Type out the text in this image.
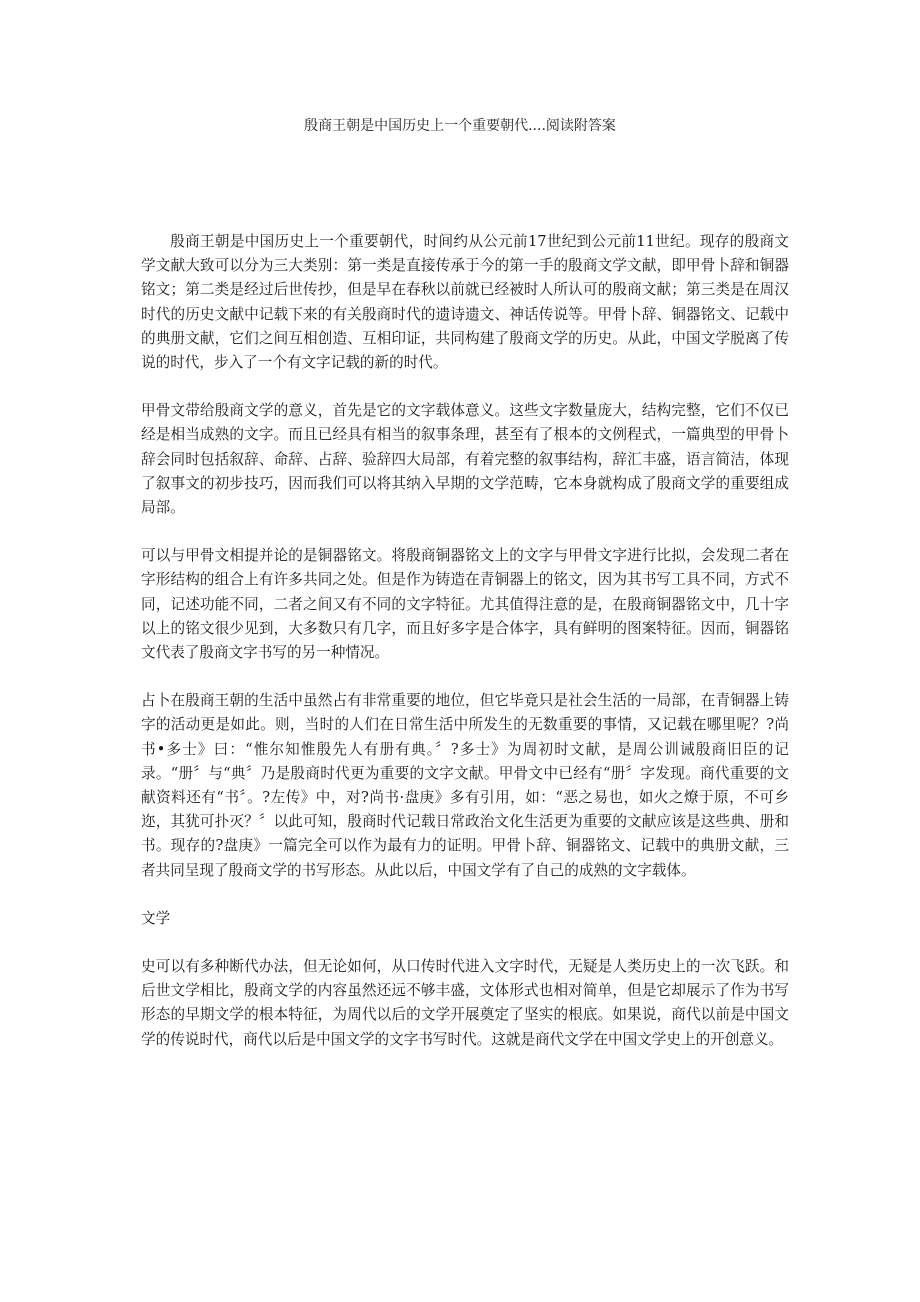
殷商王朝是中国历史上一个重要朝代....阅读附答案

殷商王朝是中国历史上一个重要朝代，时间约从公元前17世纪到公元前11世纪。现存的殷商文学文献大致可以分为三大类别：第一类是直接传承于今的第一手的殷商文学文献，即甲骨卜辞和铜器铭文；第二类是经过后世传抄，但是早在春秋以前就已经被时人所认可的殷商文献；第三类是在周汉时代的历史文献中记载下来的有关殷商时代的遗诗遗文、神话传说等。甲骨卜辞、铜器铭文、记载中的典册文献，它们之间互相创造、互相印证，共同构建了殷商文学的历史。从此，中国文学脱离了传说的时代，步入了一个有文字记载的新的时代。

甲骨文带给殷商文学的意义，首先是它的文字载体意义。这些文字数量庞大，结构完整，它们不仅已经是相当成熟的文字。而且已经具有相当的叙事条理，甚至有了根本的文例程式，一篇典型的甲骨卜辞会同时包括叙辞、命辞、占辞、验辞四大局部，有着完整的叙事结构，辞汇丰盛，语言简洁，体现了叙事文的初步技巧，因而我们可以将其纳入早期的文学范畴，它本身就构成了殷商文学的重要组成局部。

可以与甲骨文相提并论的是铜器铭文。将殷商铜器铭文上的文字与甲骨文字进行比拟，会发现二者在字形结构的组合上有许多共同之处。但是作为铸造在青铜器上的铭文，因为其书写工具不同，方式不同，记述功能不同，二者之间又有不同的文字特征。尤其值得注意的是，在殷商铜器铭文中，几十字以上的铭文很少见到，大多数只有几字，而且好多字是合体字，具有鲜明的图案特征。因而，铜器铭文代表了殷商文字书写的另一种情况。

占卜在殷商王朝的生活中虽然占有非常重要的地位，但它毕竟只是社会生活的一局部，在青铜器上铸字的活动更是如此。则，当时的人们在日常生活中所发生的无数重要的事情，又记载在哪里呢？?尚书•多士》曰：“惟尔知惟殷先人有册有典。〞?多士》为周初时文献，是周公训诫殷商旧臣的记录。“册〞与“典〞乃是殷商时代更为重要的文字文献。甲骨文中已经有“册〞字发现。商代重要的文献资料还有“书〞。?左传》中，对?尚书·盘庚》多有引用，如：“恶之易也，如火之燎于原，不可乡迩，其犹可扑灭？〞以此可知，殷商时代记载日常政治文化生活更为重要的文献应该是这些典、册和书。现存的?盘庚》一篇完全可以作为最有力的证明。甲骨卜辞、铜器铭文、记载中的典册文献，三者共同呈现了殷商文学的书写形态。从此以后，中国文学有了自己的成熟的文字载体。

文学

史可以有多种断代办法，但无论如何，从口传时代进入文字时代，无疑是人类历史上的一次飞跃。和后世文学相比，殷商文学的内容虽然还远不够丰盛，文体形式也相对简单，但是它却展示了作为书写形态的早期文学的根本特征，为周代以后的文学开展奠定了坚实的根底。如果说，商代以前是中国文学的传说时代，商代以后是中国文学的文字书写时代。这就是商代文学在中国文学史上的开创意义。
